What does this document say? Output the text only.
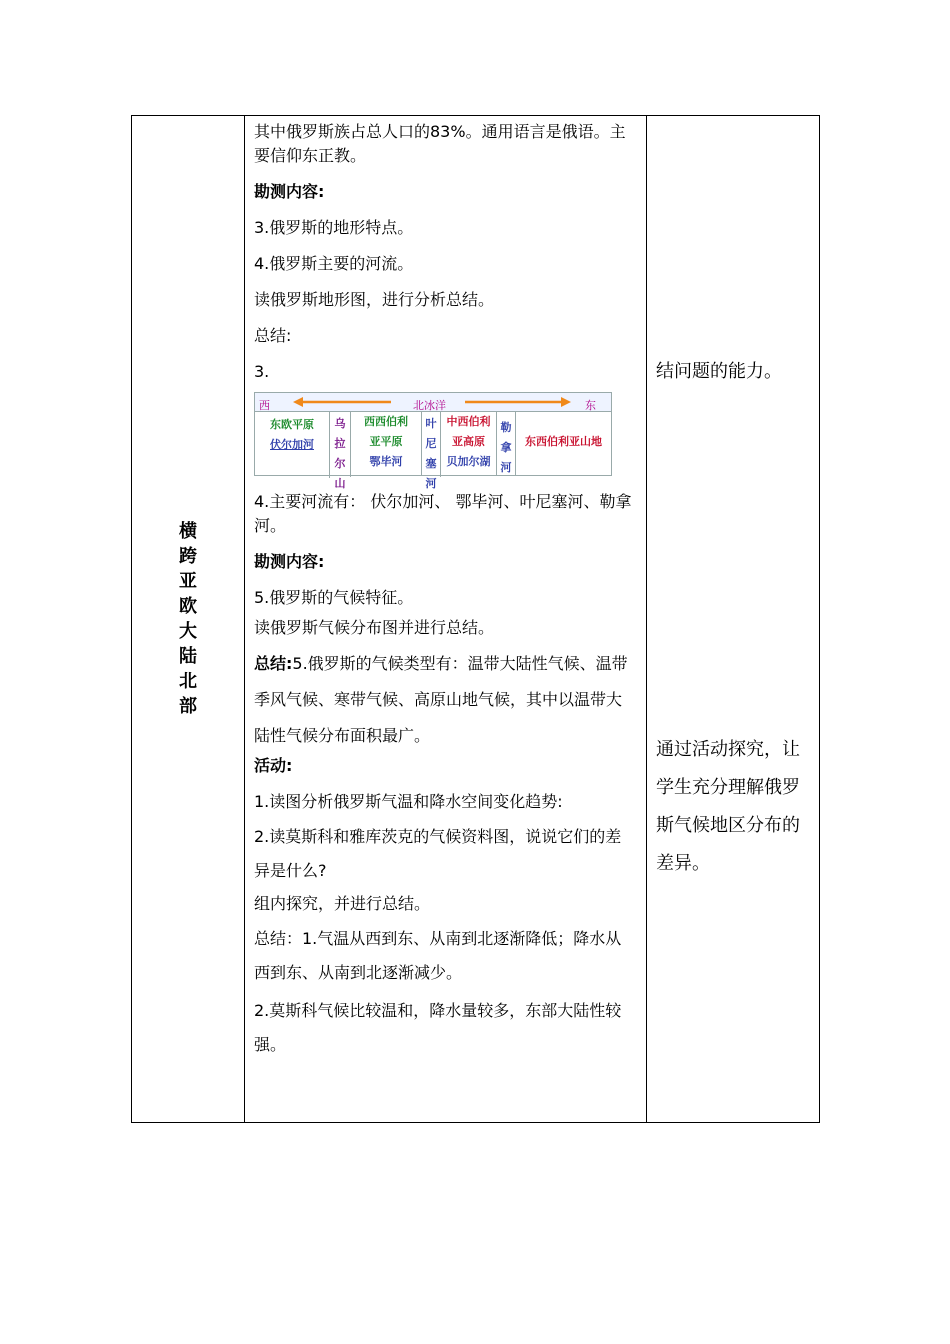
横跨亚欧大陆北部	

其中俄罗斯族占总人口的83%。通用语言是俄语。主要信仰东正教。

勘测内容:

3.俄罗斯的地形特点。

4.俄罗斯主要的河流。

读俄罗斯地形图，进行分析总结。

总结:

3.

西	北冰洋	东
东欧平原
伏尔加河
乌拉尔山
西西伯利
亚平原
鄂毕河
叶尼塞河
中西伯利
亚高原
贝加尔湖
勒拿河
东西伯利亚山地

4.主要河流有： 伏尔加河、 鄂毕河、叶尼塞河、勒拿河。

勘测内容:

5.俄罗斯的气候特征。

读俄罗斯气候分布图并进行总结。

总结:5.俄罗斯的气候类型有：温带大陆性气候、温带季风气候、寒带气候、高原山地气候，其中以温带大陆性气候分布面积最广。

活动:

1.读图分析俄罗斯气温和降水空间变化趋势:

2.读莫斯科和雅库茨克的气候资料图，说说它们的差异是什么?

组内探究，并进行总结。

总结：1.气温从西到东、从南到北逐渐降低；降水从西到东、从南到北逐渐减少。

2.莫斯科气候比较温和，降水量较多，东部大陆性较强。

结问题的能力。
通过活动探究，让学生充分理解俄罗斯气候地区分布的差异。
